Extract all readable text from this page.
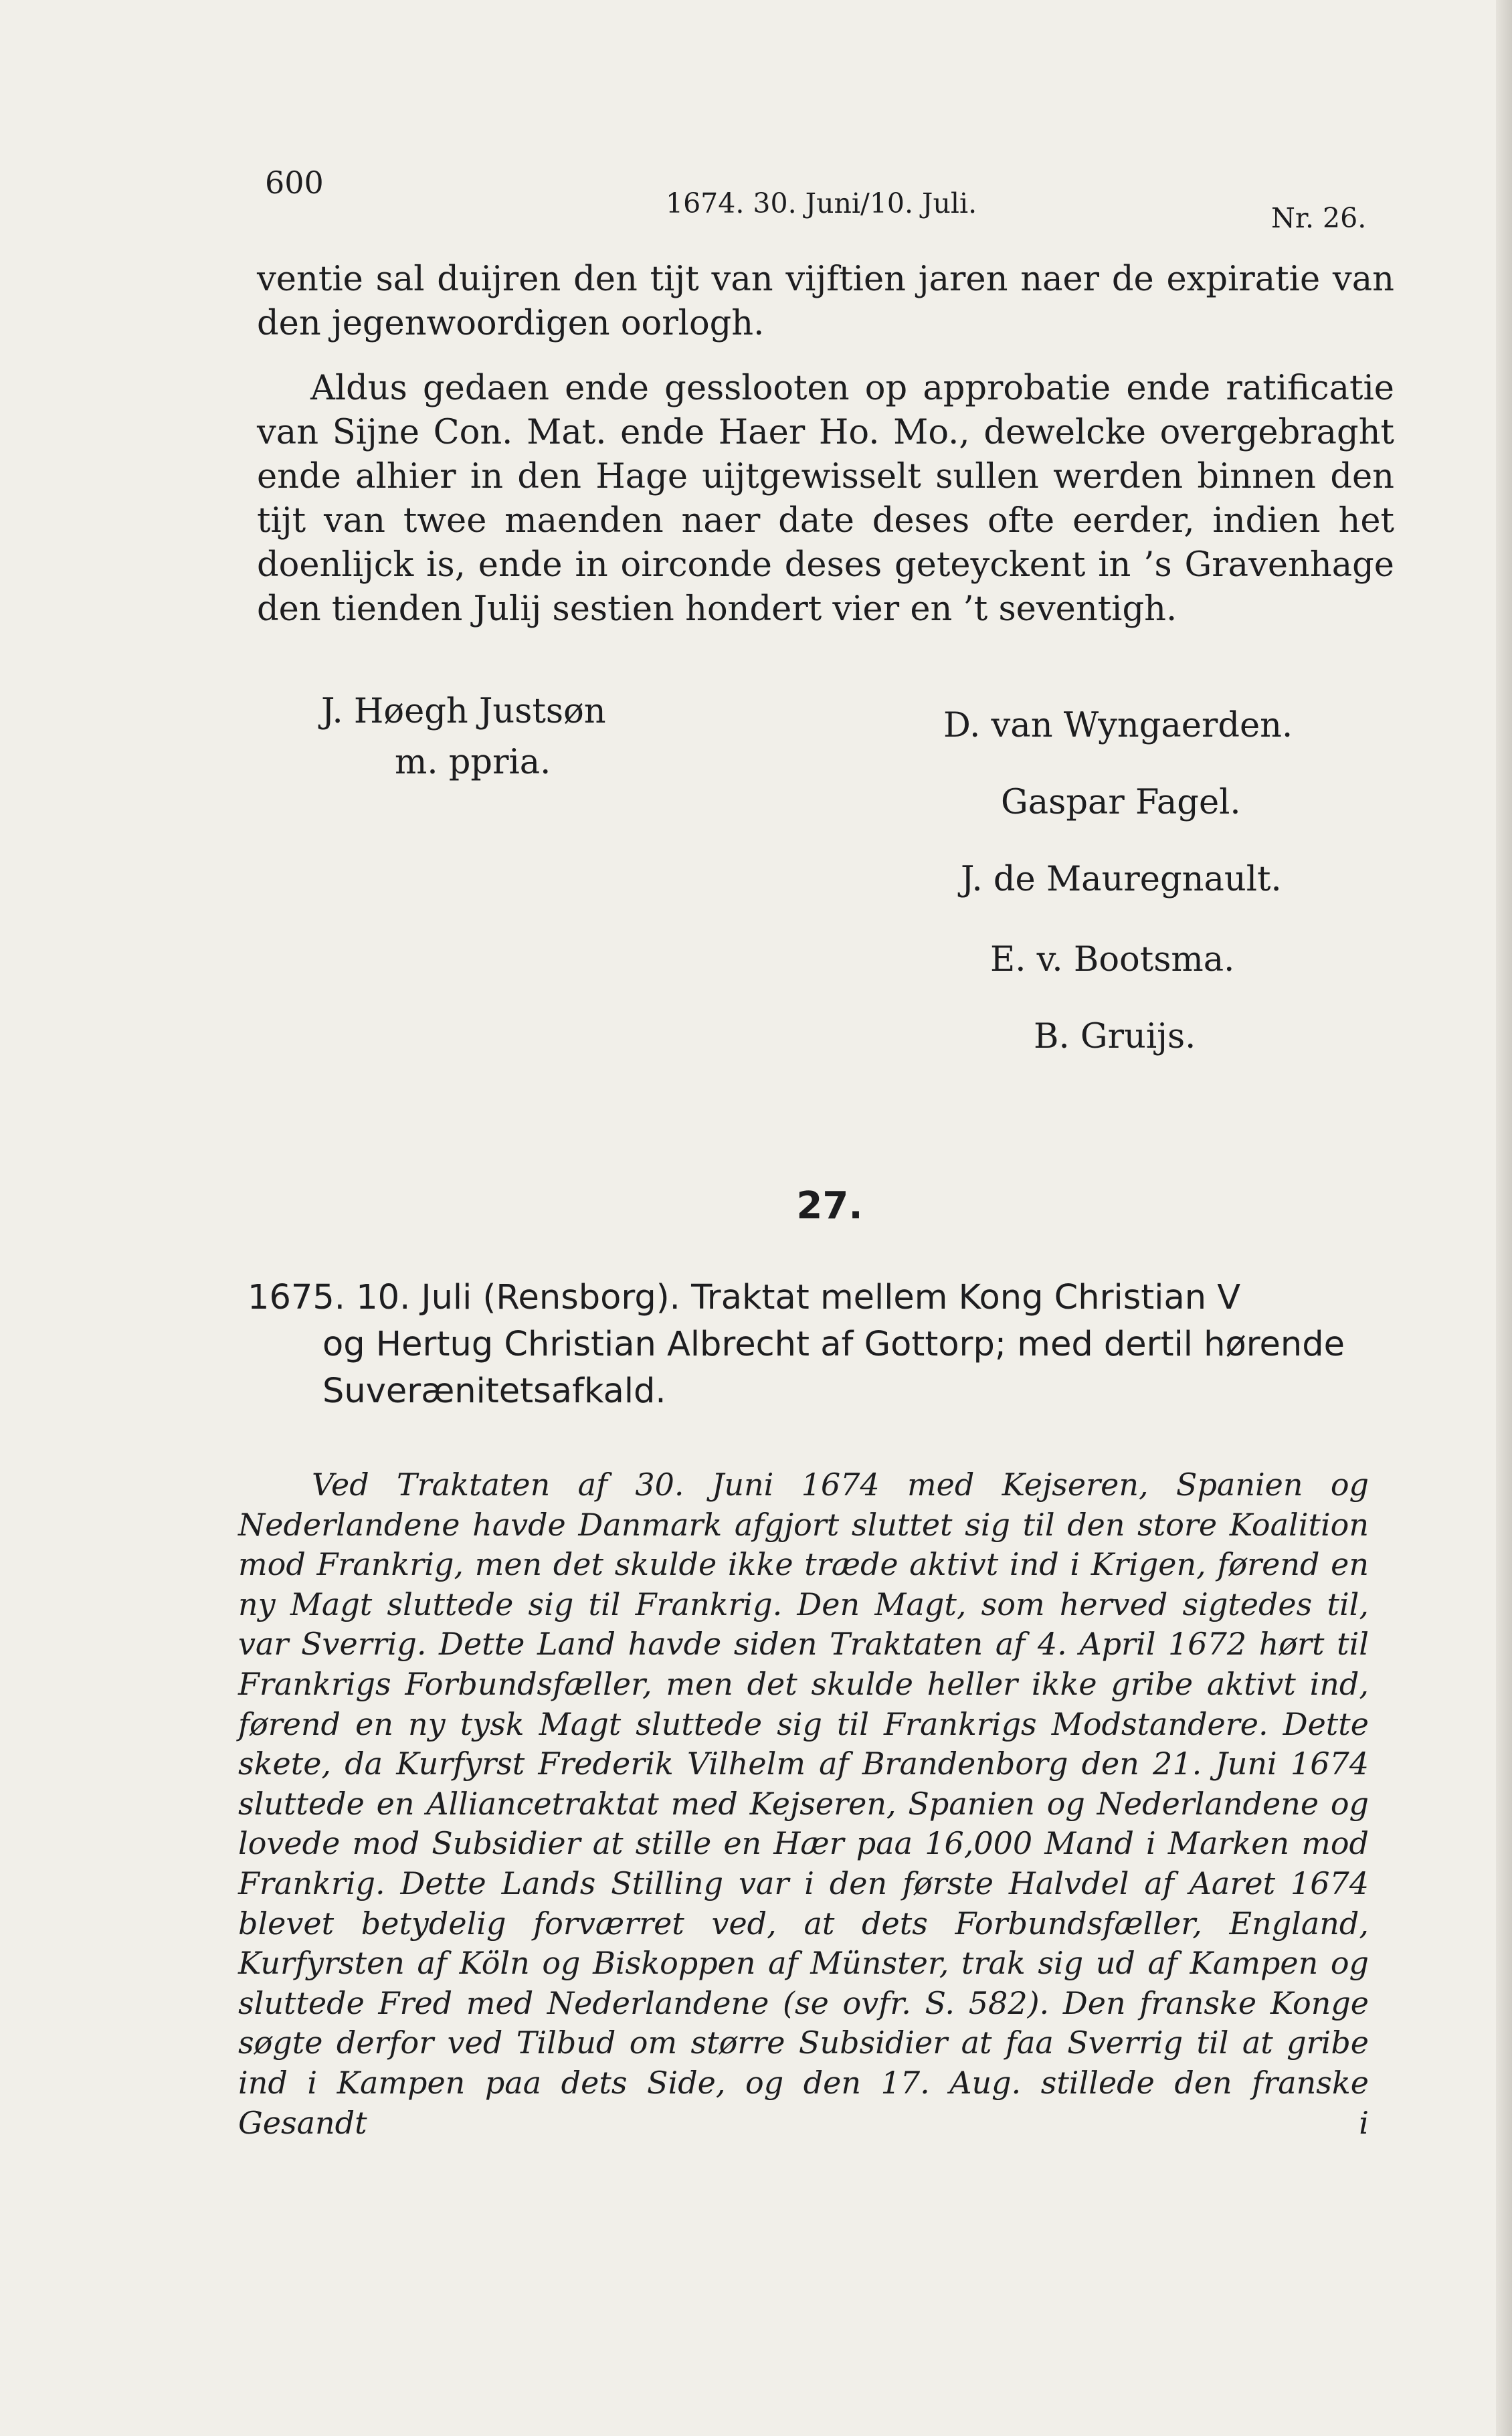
600
1674. 30. Juni/10. Juli.	Nr. 26.

ventie sal duijren den tijt van vijftien jaren naer de expiratie van den jegenwoordigen oorlogh.

Aldus gedaen ende gesslooten op approbatie ende ratificatie van Sijne Con. Mat. ende Haer Ho. Mo., dewelcke overgebraght ende alhier in den Hage uijtgewisselt sullen werden binnen den tijt van twee maenden naer date deses ofte eerder, indien het doenlijck is, ende in oirconde deses geteyckent in ’s Gravenhage den tienden Julij sestien hondert vier en ’t seventigh.

J. Høegh Justsøn
m. ppria.
D. van Wyngaerden.
Gaspar Fagel.
J. de Mauregnault.
E. v. Bootsma.
B. Gruijs.
27.
1675. 10. Juli (Rensborg). Traktat mellem Kong Christian V
og Hertug Christian Albrecht af Gottorp; med dertil hørende
Suverænitetsafkald.

Ved Traktaten af 30. Juni 1674 med Kejseren, Spanien og Nederlandene havde Danmark afgjort sluttet sig til den store Koalition mod Frankrig, men det skulde ikke træde aktivt ind i Krigen, førend en ny Magt sluttede sig til Frankrig. Den Magt, som herved sigtedes til, var Sverrig. Dette Land havde siden Traktaten af 4. April 1672 hørt til Frankrigs Forbundsfæller, men det skulde heller ikke gribe aktivt ind, førend en ny tysk Magt sluttede sig til Frankrigs Modstandere. Dette skete, da Kurfyrst Frederik Vilhelm af Brandenborg den 21. Juni 1674 sluttede en Alliancetraktat med Kejseren, Spanien og Nederlandene og lovede mod Subsidier at stille en Hær paa 16,000 Mand i Marken mod Frankrig. Dette Lands Stilling var i den første Halvdel af Aaret 1674 blevet betydelig forværret ved, at dets Forbundsfæller, England, Kurfyrsten af Köln og Biskoppen af Münster, trak sig ud af Kampen og sluttede Fred med Nederlandene (se ovfr. S. 582). Den franske Konge søgte derfor ved Tilbud om større Subsidier at faa Sverrig til at gribe ind i Kampen paa dets Side, og den 17. Aug. stillede den franske Gesandt i
